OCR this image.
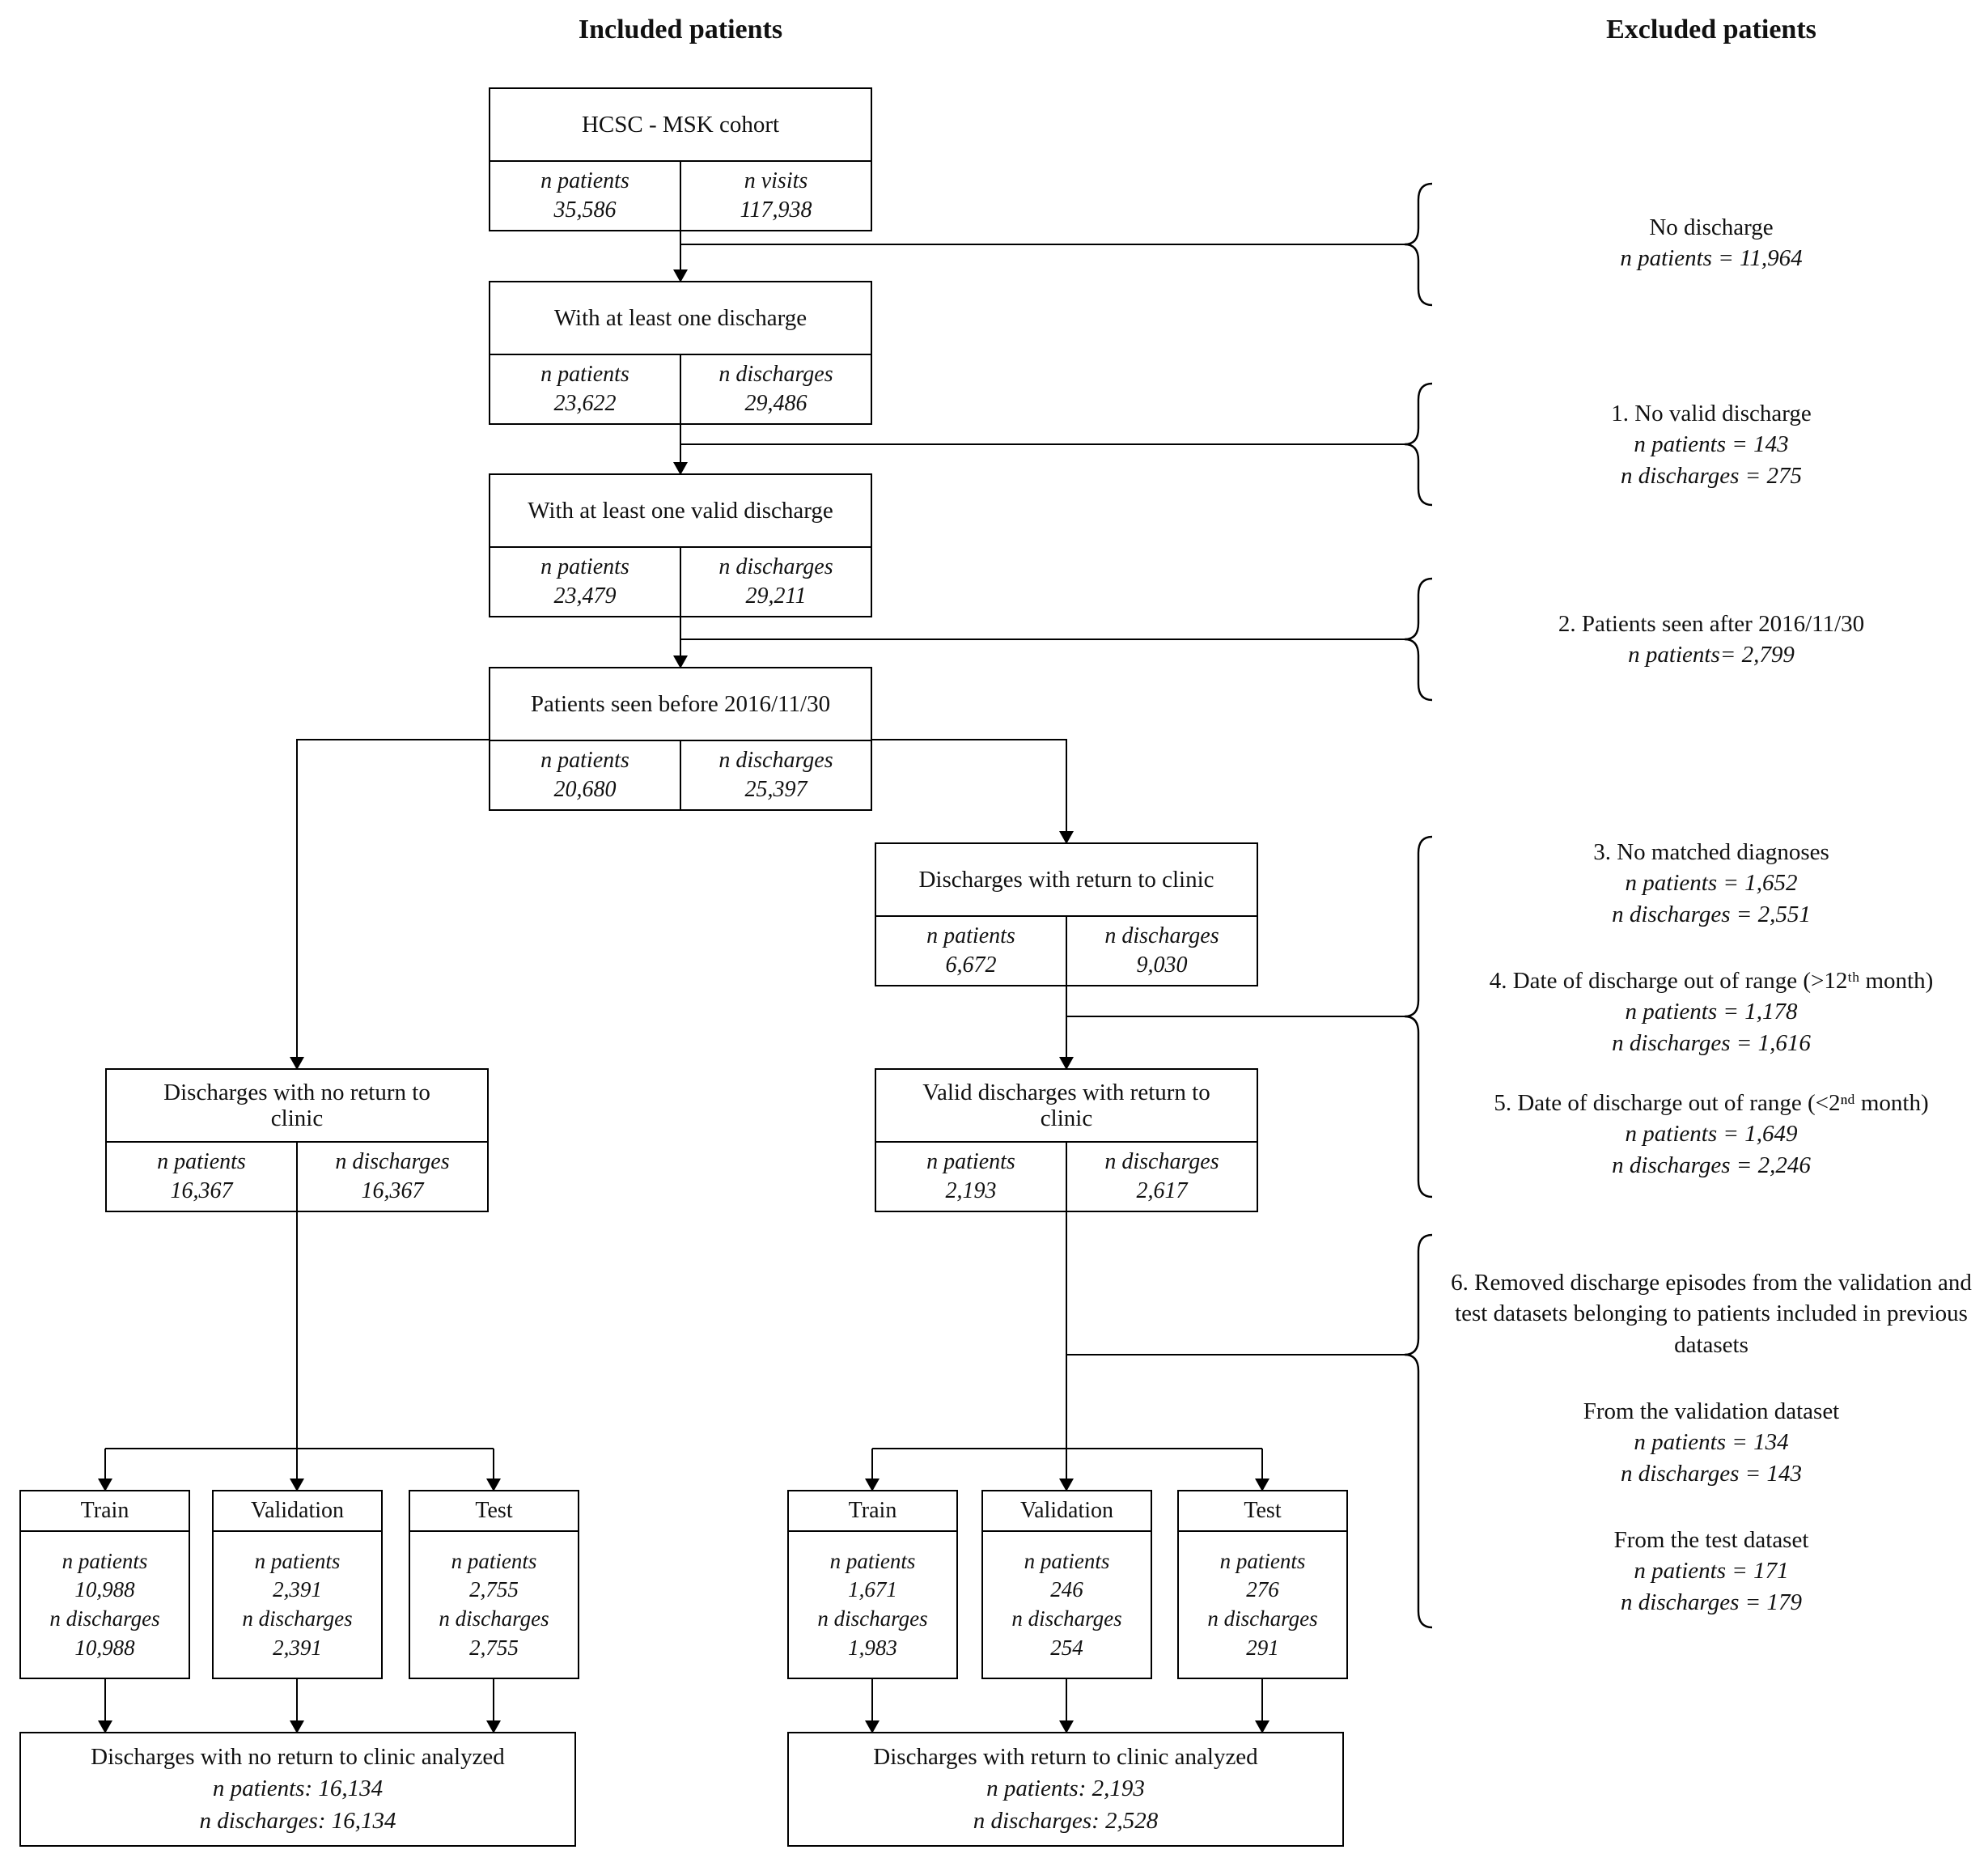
Included patients	Excluded patients
HCSC - MSK cohort
n patients
35,586
n visits
117,938
With at least one discharge
n patients
23,622
n discharges
29,486
With at least one valid discharge
n patients
23,479
n discharges
29,211
Patients seen before 2016/11/30
n patients
20,680
n discharges
25,397
Discharges with return to clinic
n patients
6,672
n discharges
9,030
Discharges with no return to clinic
n patients
16,367
n discharges
16,367
Valid discharges with return to clinic
n patients
2,193
n discharges
2,617
Train
n patients
10,988
n discharges
10,988
Validation
n patients
2,391
n discharges
2,391
Test
n patients
2,755
n discharges
2,755
Train
n patients
1,671
n discharges
1,983
Validation
n patients
246
n discharges
254
Test
n patients
276
n discharges
291
Discharges with no return to clinic analyzed
n patients: 16,134
n discharges: 16,134
Discharges with return to clinic analyzed
n patients: 2,193
n discharges: 2,528
No discharge
n patients = 11,964
1. No valid discharge
n patients = 143
n discharges = 275
2. Patients seen after 2016/11/30
n patients= 2,799
3. No matched diagnoses
n patients = 1,652
n discharges = 2,551
4. Date of discharge out of range (>12ᵗʰ month)
n patients = 1,178
n discharges = 1,616
5. Date of discharge out of range (<2ⁿᵈ month)
n patients = 1,649
n discharges = 2,246
6. Removed discharge episodes from the validation and test datasets belonging to patients included in previous datasets
From the validation dataset
n patients = 134
n discharges = 143
From the test dataset
n patients = 171
n discharges = 179
